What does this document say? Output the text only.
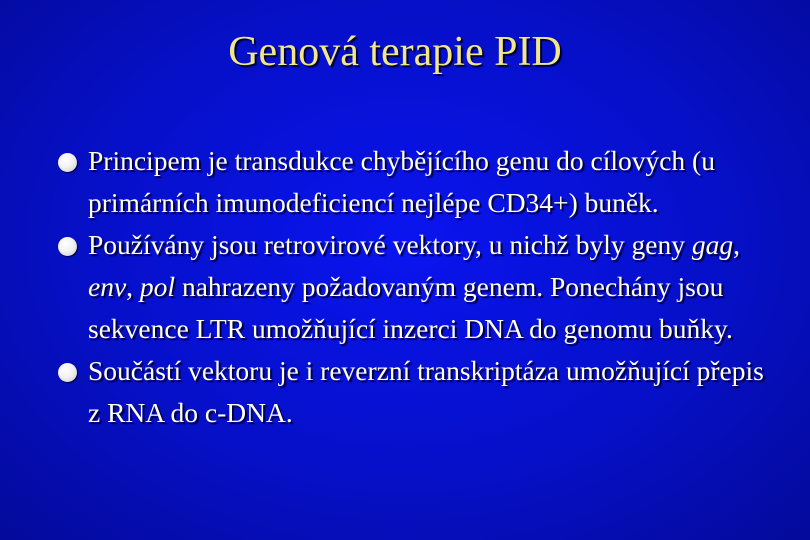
Genová terapie PID
Principem je transdukce chybějícího genu do cílových (u primárních imunodeficiencí nejlépe CD34+) buněk.
Používány jsou retrovirové vektory, u nichž byly geny gag, env, pol nahrazeny požadovaným genem. Ponechány jsou sekvence LTR umožňující inzerci DNA do genomu buňky.
Součástí vektoru je i reverzní transkriptáza umožňující přepis z RNA do c-DNA.
